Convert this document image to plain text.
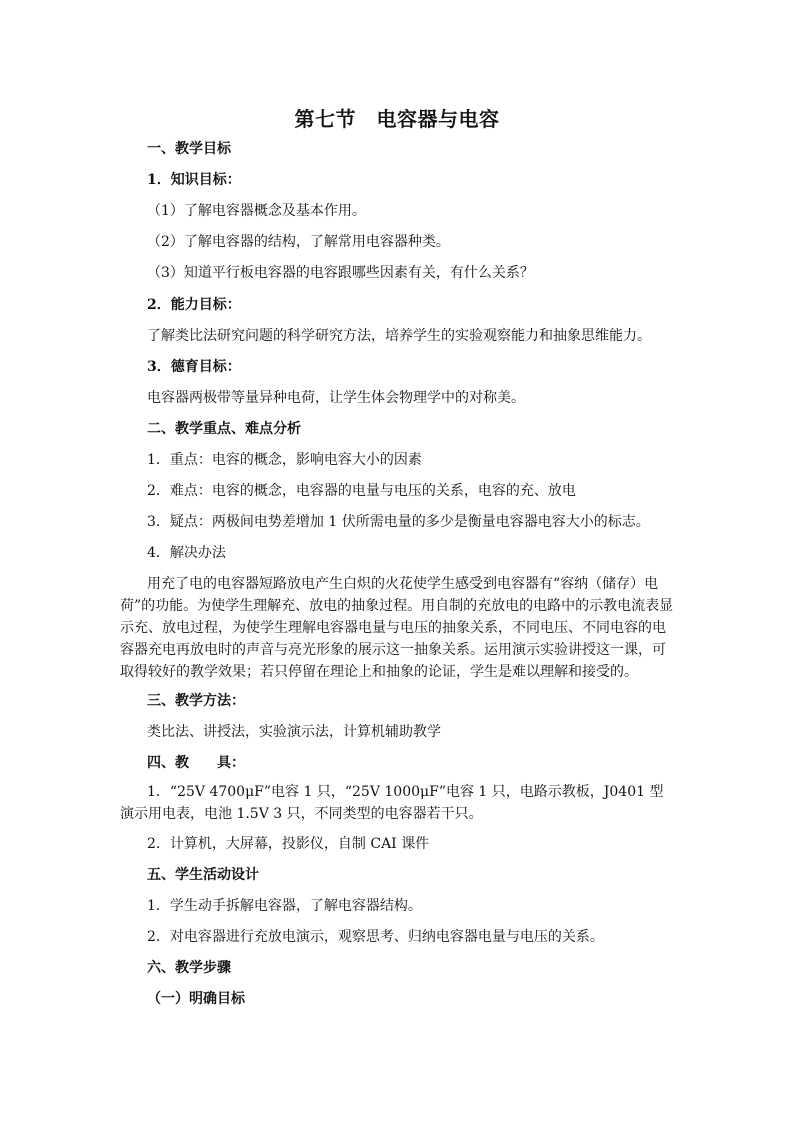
第七节　电容器与电容
一、教学目标
1．知识目标：
（1）了解电容器概念及基本作用。
（2）了解电容器的结构，了解常用电容器种类。
（3）知道平行板电容器的电容跟哪些因素有关，有什么关系？
2．能力目标：
了解类比法研究问题的科学研究方法，培养学生的实验观察能力和抽象思维能力。
3．德育目标：
电容器两极带等量异种电荷，让学生体会物理学中的对称美。
二、教学重点、难点分析
1．重点：电容的概念，影响电容大小的因素
2．难点：电容的概念，电容器的电量与电压的关系，电容的充、放电
3．疑点：两极间电势差增加 1 伏所需电量的多少是衡量电容器电容大小的标志。
4．解决办法
用充了电的电容器短路放电产生白炽的火花使学生感受到电容器有“容纳（储存）电荷”的功能。为使学生理解充、放电的抽象过程。用自制的充放电的电路中的示教电流表显示充、放电过程，为使学生理解电容器电量与电压的抽象关系，不同电压、不同电容的电容器充电再放电时的声音与亮光形象的展示这一抽象关系。运用演示实验讲授这一课，可取得较好的教学效果；若只停留在理论上和抽象的论证，学生是难以理解和接受的。
三、教学方法：
类比法、讲授法，实验演示法，计算机辅助教学
四、教　　具：
1．“25V 4700μF”电容 1 只，“25V 1000μF”电容 1 只，电路示教板，J0401 型演示用电表，电池 1.5V 3 只，不同类型的电容器若干只。
2．计算机，大屏幕，投影仪，自制 CAI 课件
五、学生活动设计
1．学生动手拆解电容器，了解电容器结构。
2．对电容器进行充放电演示，观察思考、归纳电容器电量与电压的关系。
六、教学步骤
（一）明确目标
